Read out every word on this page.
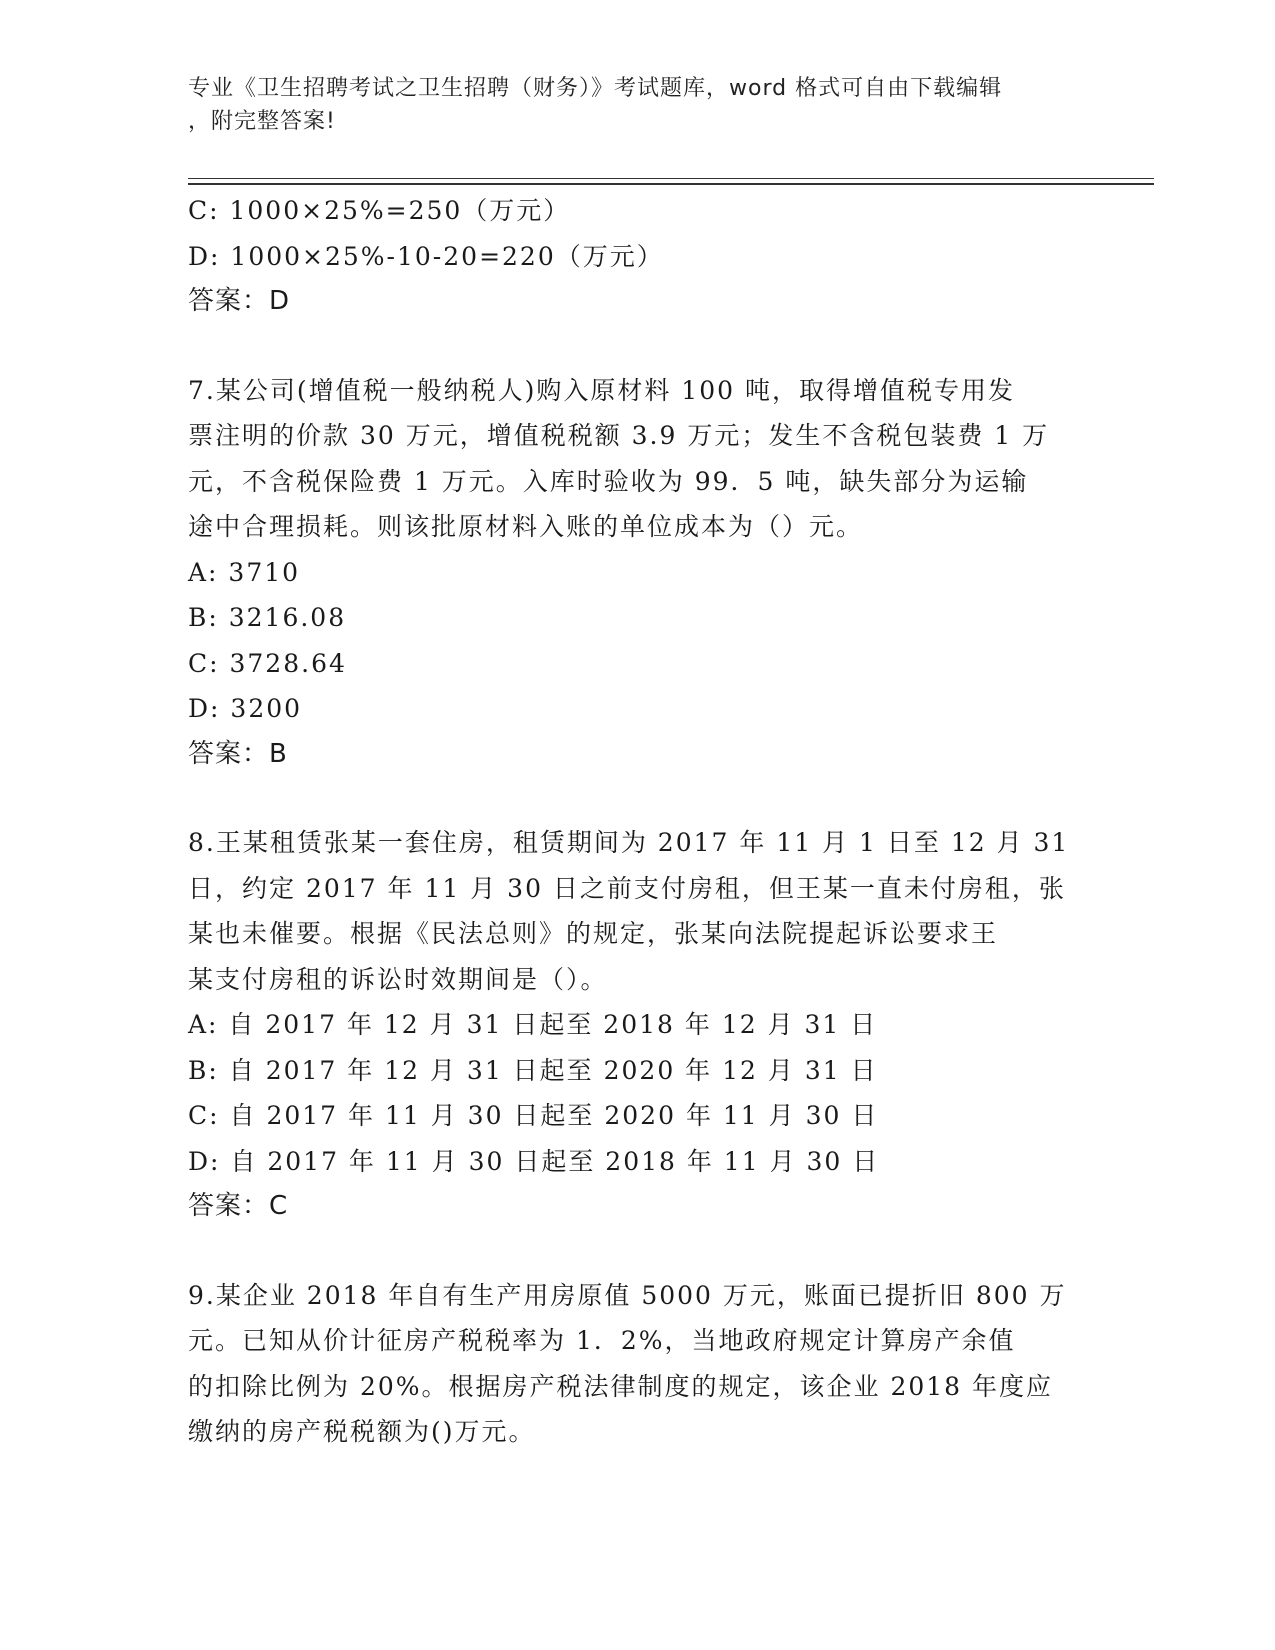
专业《卫生招聘考试之卫生招聘（财务）》考试题库，word 格式可自由下载编辑
，附完整答案!
C: 1000×25%=250（万元）
D: 1000×25%-10-20=220（万元）
答案：D
7.某公司(增值税一般纳税人)购入原材料 100 吨，取得增值税专用发
票注明的价款 30 万元，增值税税额 3.9 万元；发生不含税包装费 1 万
元，不含税保险费 1 万元。入库时验收为 99．5 吨，缺失部分为运输
途中合理损耗。则该批原材料入账的单位成本为（）元。
A: 3710
B: 3216.08
C: 3728.64
D: 3200
答案：B
8.王某租赁张某一套住房，租赁期间为 2017 年 11 月 1 日至 12 月 31
日，约定 2017 年 11 月 30 日之前支付房租，但王某一直未付房租，张
某也未催要。根据《民法总则》的规定，张某向法院提起诉讼要求王
某支付房租的诉讼时效期间是（）。
A: 自 2017 年 12 月 31 日起至 2018 年 12 月 31 日
B: 自 2017 年 12 月 31 日起至 2020 年 12 月 31 日
C: 自 2017 年 11 月 30 日起至 2020 年 11 月 30 日
D: 自 2017 年 11 月 30 日起至 2018 年 11 月 30 日
答案：C
9.某企业 2018 年自有生产用房原值 5000 万元，账面已提折旧 800 万
元。已知从价计征房产税税率为 1．2%，当地政府规定计算房产余值
的扣除比例为 20%。根据房产税法律制度的规定，该企业 2018 年度应
缴纳的房产税税额为()万元。
